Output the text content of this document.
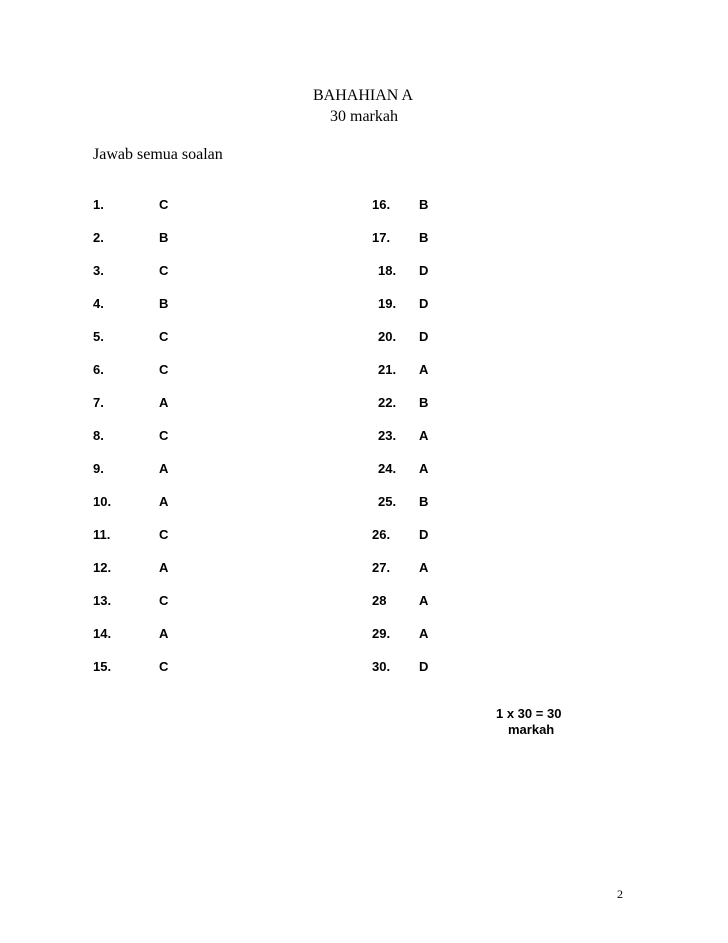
BAHAHIAN A
30 markah
Jawab semua soalan
1.	C
2.	B
3.	C
4.	B
5.	C
6.	C
7.	A
8.	C
9.	A
10.	A
11.	C
12.	A
13.	C
14.	A
15.	C
16. B
17. B
18. D
19. D
20. D
21. A
22. B
23. A
24. A
25. B
26. D
27. A
28	A
29. A
30. D
1 x 30 = 30
markah
2
